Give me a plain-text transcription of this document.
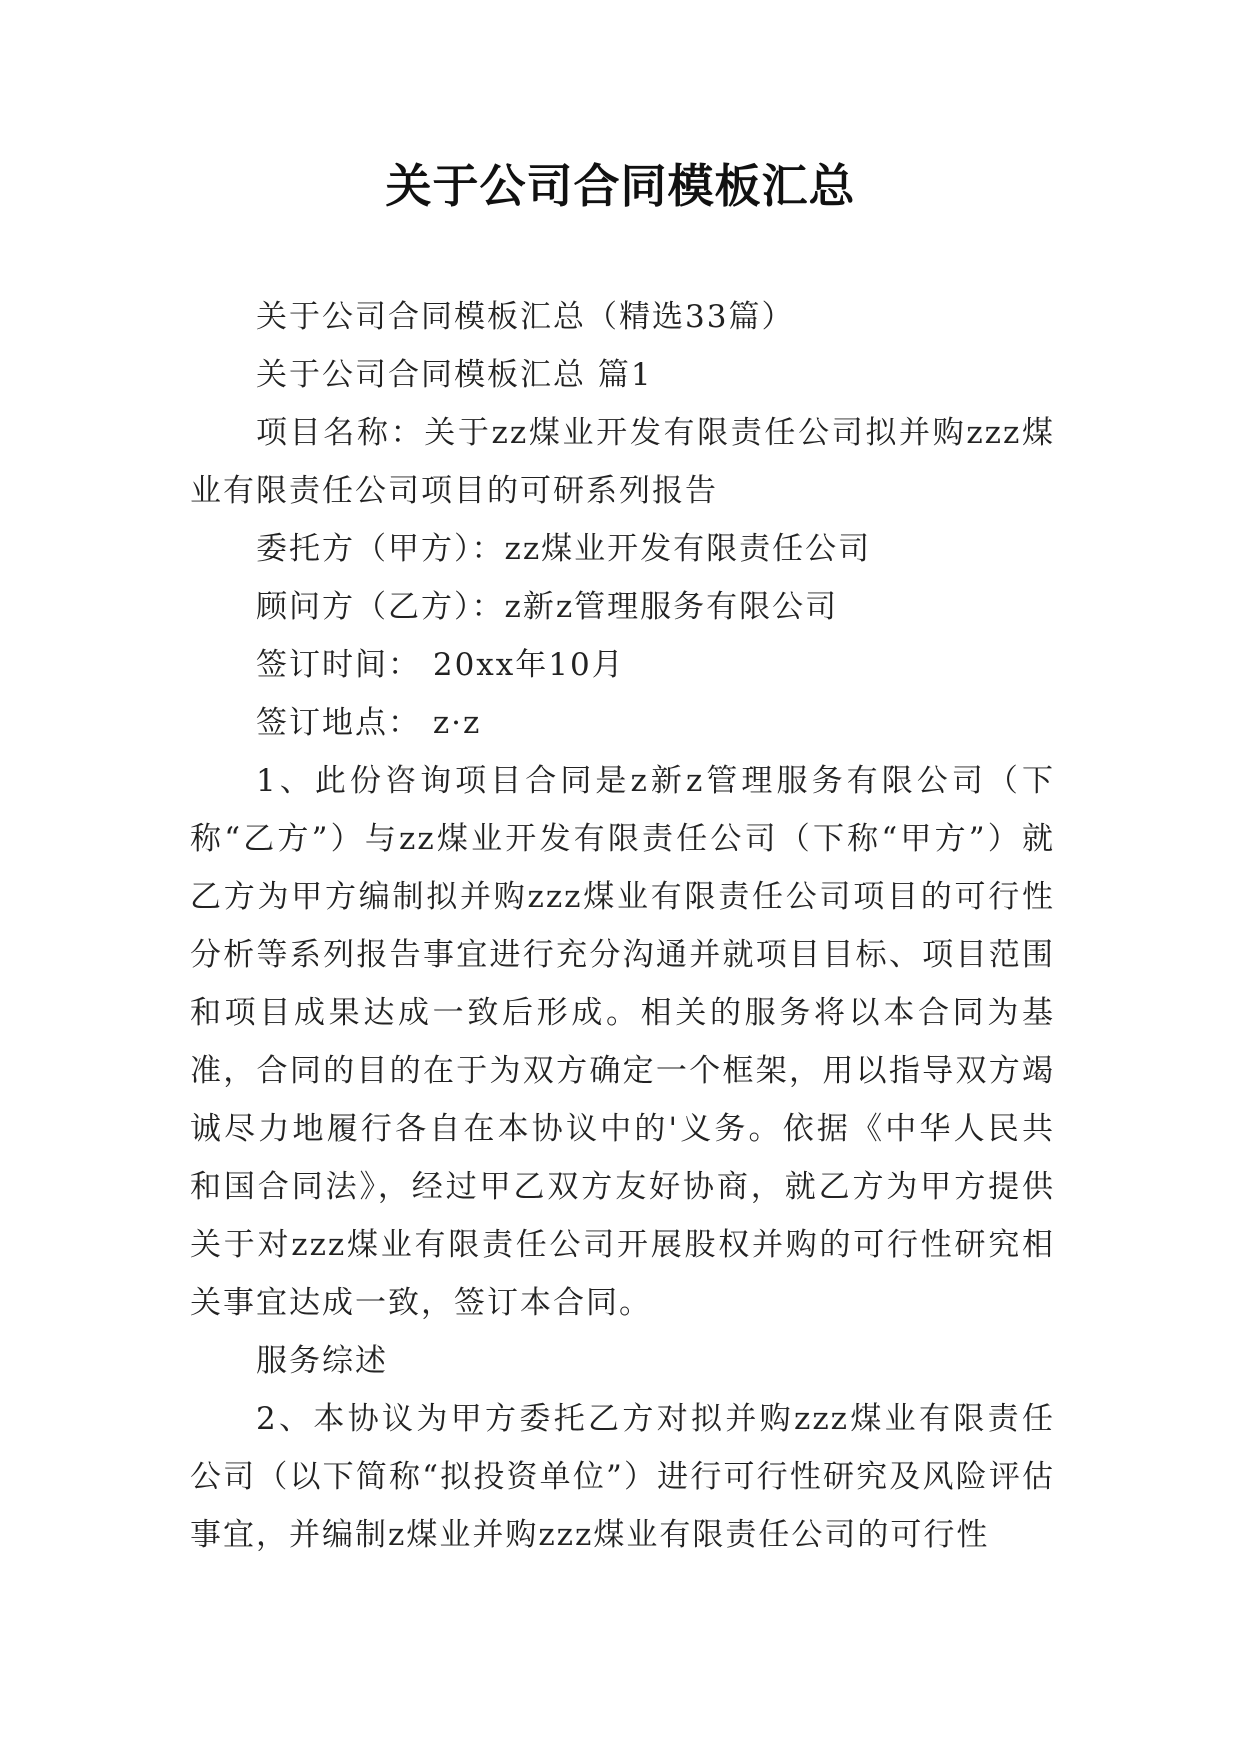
关于公司合同模板汇总

关于公司合同模板汇总（精选33篇）

关于公司合同模板汇总 篇1

项目名称：关于zz煤业开发有限责任公司拟并购zzz煤业有限责任公司项目的可研系列报告

委托方（甲方）：zz煤业开发有限责任公司

顾问方（乙方）：z新z管理服务有限公司

签订时间： 20xx年10月

签订地点： z·z

1、此份咨询项目合同是z新z管理服务有限公司（下称“乙方”）与zz煤业开发有限责任公司（下称“甲方”）就乙方为甲方编制拟并购zzz煤业有限责任公司项目的可行性分析等系列报告事宜进行充分沟通并就项目目标、项目范围和项目成果达成一致后形成。相关的服务将以本合同为基准，合同的目的在于为双方确定一个框架，用以指导双方竭诚尽力地履行各自在本协议中的'义务。依据《中华人民共和国合同法》，经过甲乙双方友好协商，就乙方为甲方提供关于对zzz煤业有限责任公司开展股权并购的可行性研究相关事宜达成一致，签订本合同。

服务综述

2、本协议为甲方委托乙方对拟并购zzz煤业有限责任公司（以下简称“拟投资单位”）进行可行性研究及风险评估事宜，并编制z煤业并购zzz煤业有限责任公司的可行性
